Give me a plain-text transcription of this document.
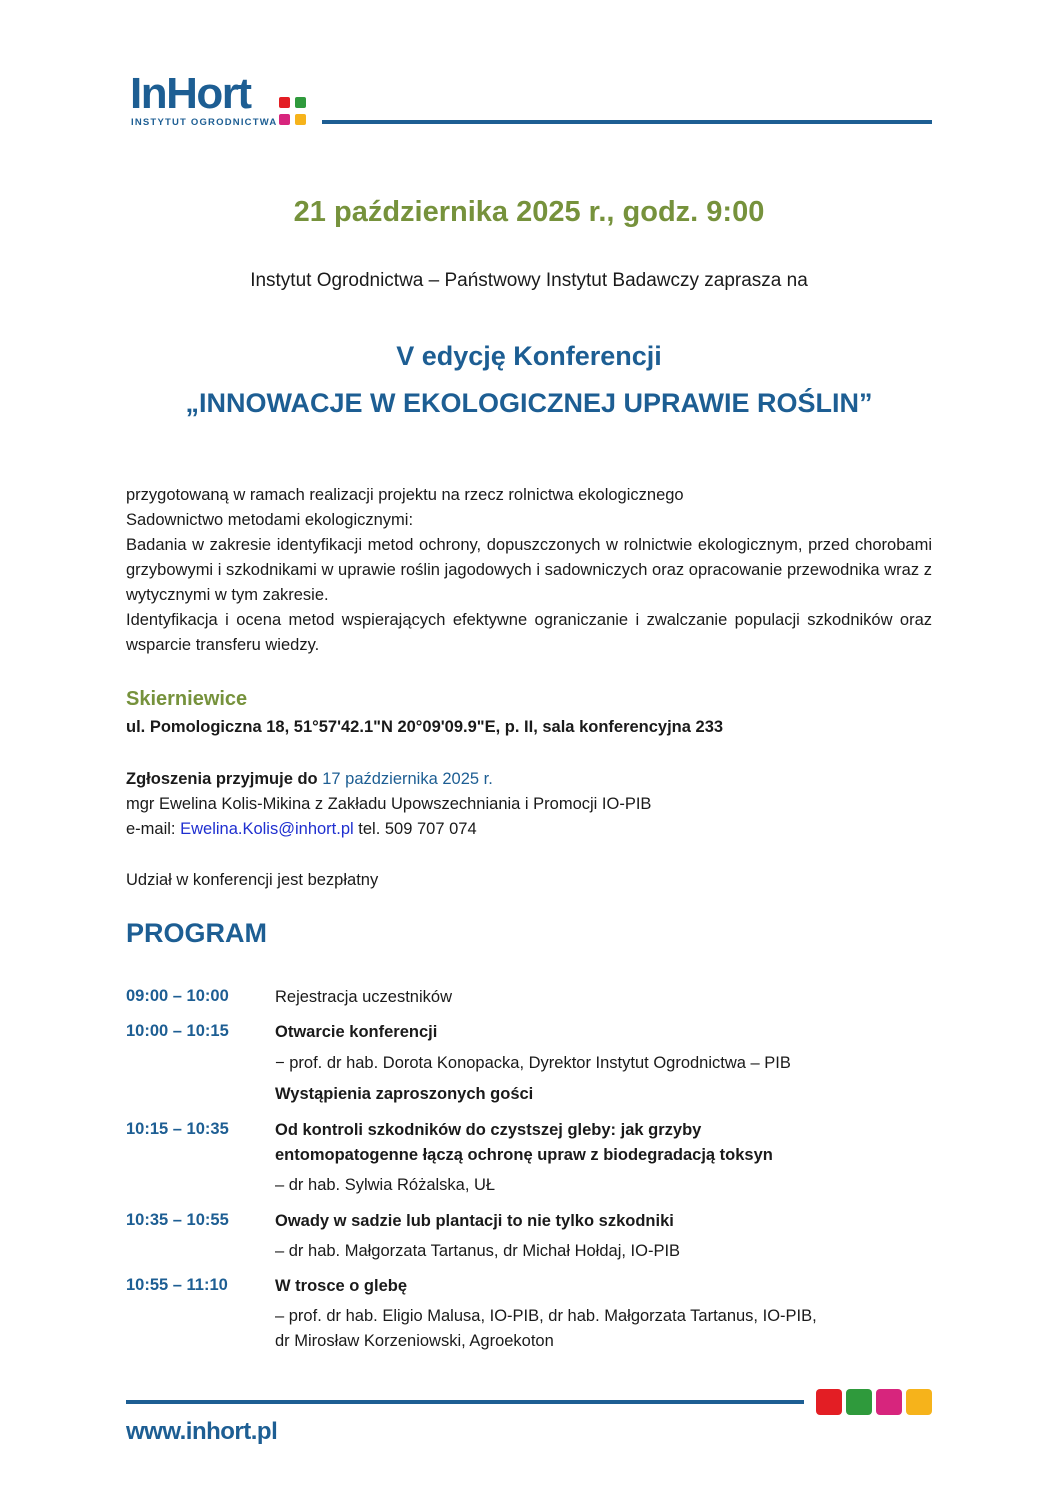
InHort
INSTYTUT OGRODNICTWA
21 października 2025 r., godz. 9:00
Instytut Ogrodnictwa – Państwowy Instytut Badawczy zaprasza na
V edycję Konferencji
„INNOWACJE W EKOLOGICZNEJ UPRAWIE ROŚLIN”

przygotowaną w ramach realizacji projektu na rzecz rolnictwa ekologicznego

Sadownictwo metodami ekologicznymi:

Badania w zakresie identyfikacji metod ochrony, dopuszczonych w rolnictwie ekologicznym, przed chorobami grzybowymi i szkodnikami w uprawie roślin jagodowych i sadowniczych oraz opracowanie przewodnika wraz z wytycznymi w tym zakresie.

Identyfikacja i ocena metod wspierających efektywne ograniczanie i zwalczanie populacji szkodników oraz wsparcie transferu wiedzy.

Skierniewice
ul. Pomologiczna 18, 51°57'42.1"N 20°09'09.9"E, p. II, sala konferencyjna 233
Zgłoszenia przyjmuje do 17 października 2025 r.
mgr Ewelina Kolis-Mikina z Zakładu Upowszechniania i Promocji IO-PIB
e-mail: Ewelina.Kolis@inhort.pl tel. 509 707 074
Udział w konferencji jest bezpłatny
PROGRAM
09:00 – 10:00	Rejestracja uczestników
10:00 – 10:15	Otwarcie konferencji
− prof. dr hab. Dorota Konopacka, Dyrektor Instytut Ogrodnictwa – PIB
Wystąpienia zaproszonych gości
10:15 – 10:35	Od kontroli szkodników do czystszej gleby: jak grzyby
entomopatogenne łączą ochronę upraw z biodegradacją toksyn
– dr hab. Sylwia Różalska, UŁ
10:35 – 10:55	Owady w sadzie lub plantacji to nie tylko szkodniki
– dr hab. Małgorzata Tartanus, dr Michał Hołdaj, IO-PIB
10:55 – 11:10	W trosce o glebę
– prof. dr hab. Eligio Malusa, IO-PIB, dr hab. Małgorzata Tartanus, IO-PIB,
dr Mirosław Korzeniowski, Agroekoton
www.inhort.pl
